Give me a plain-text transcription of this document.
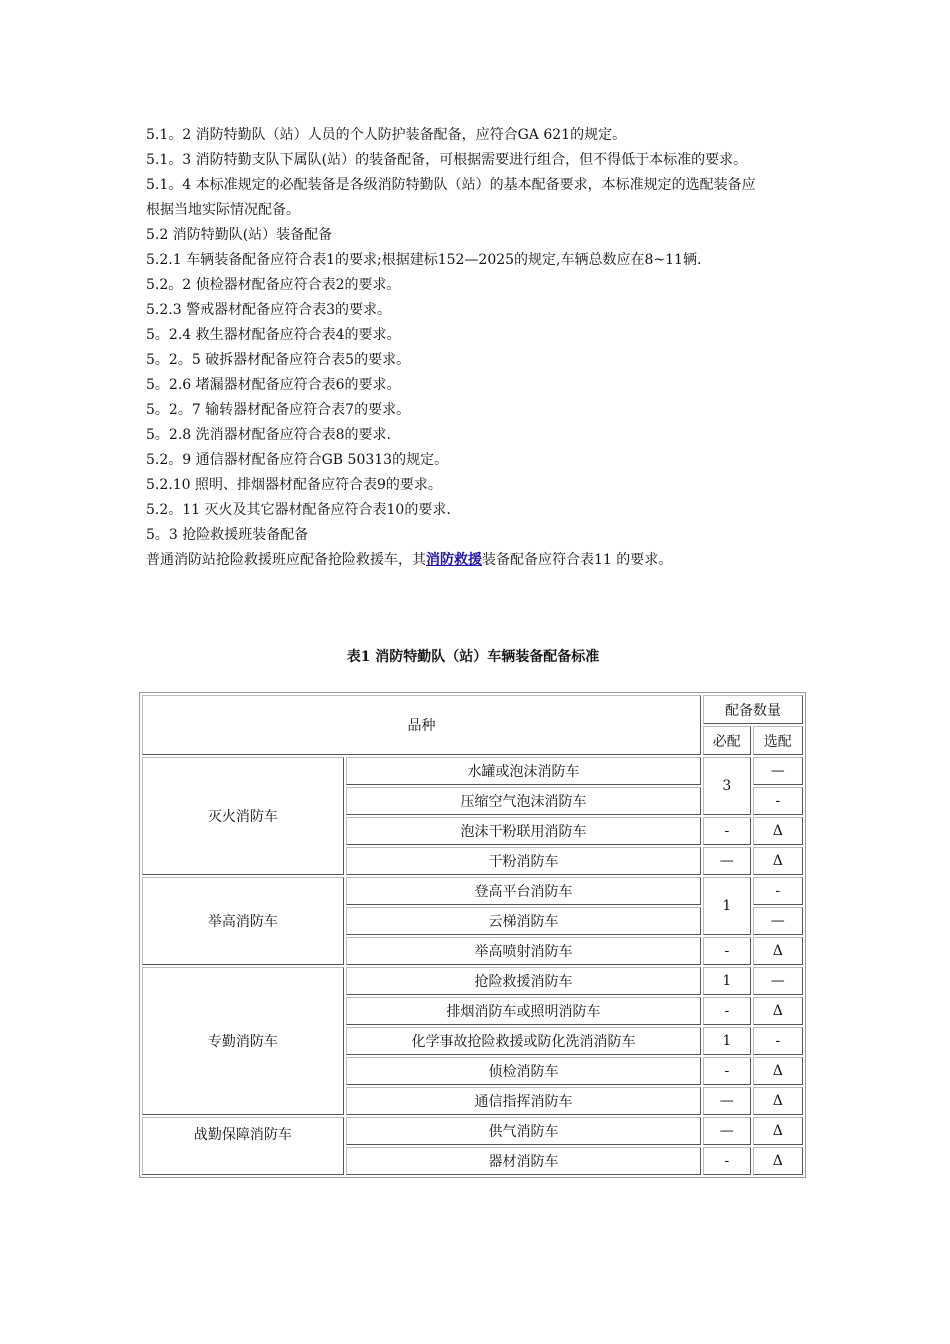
5.1。2 消防特勤队（站）人员的个人防护装备配备，应符合GA 621的规定。

5.1。3 消防特勤支队下属队(站）的装备配备，可根据需要进行组合，但不得低于本标准的要求。

5.1。4 本标准规定的必配装备是各级消防特勤队（站）的基本配备要求，本标准规定的选配装备应

根据当地实际情况配备。

5.2 消防特勤队(站）装备配备

5.2.1 车辆装备配备应符合表1的要求;根据建标152—2025的规定,车辆总数应在8~11辆.

5.2。2 侦检器材配备应符合表2的要求。

5.2.3 警戒器材配备应符合表3的要求。

5。2.4 救生器材配备应符合表4的要求。

5。2。5 破拆器材配备应符合表5的要求。

5。2.6 堵漏器材配备应符合表6的要求。

5。2。7 输转器材配备应符合表7的要求。

5。2.8 洗消器材配备应符合表8的要求.

5.2。9 通信器材配备应符合GB 50313的规定。

5.2.10 照明、排烟器材配备应符合表9的要求。

5.2。11 灭火及其它器材配备应符合表10的要求.

5。3 抢险救援班装备配备

普通消防站抢险救援班应配备抢险救援车，其消防救援装备配备应符合表11 的要求。

表1 消防特勤队（站）车辆装备配备标准
品种		配备数量	
		必配	选配
灭火消防车	水罐或泡沫消防车	3	—
	压缩空气泡沫消防车		-
	泡沫干粉联用消防车	-	Δ
	干粉消防车	—	Δ
举高消防车	登高平台消防车	1	-
	云梯消防车		—
	举高喷射消防车	-	Δ
专勤消防车	抢险救援消防车	1	—
	排烟消防车或照明消防车	-	Δ
	化学事故抢险救援或防化洗消消防车	1	-
	侦检消防车	-	Δ
	通信指挥消防车	—	Δ
战勤保障消防车	供气消防车	—	Δ
	器材消防车	-	Δ
